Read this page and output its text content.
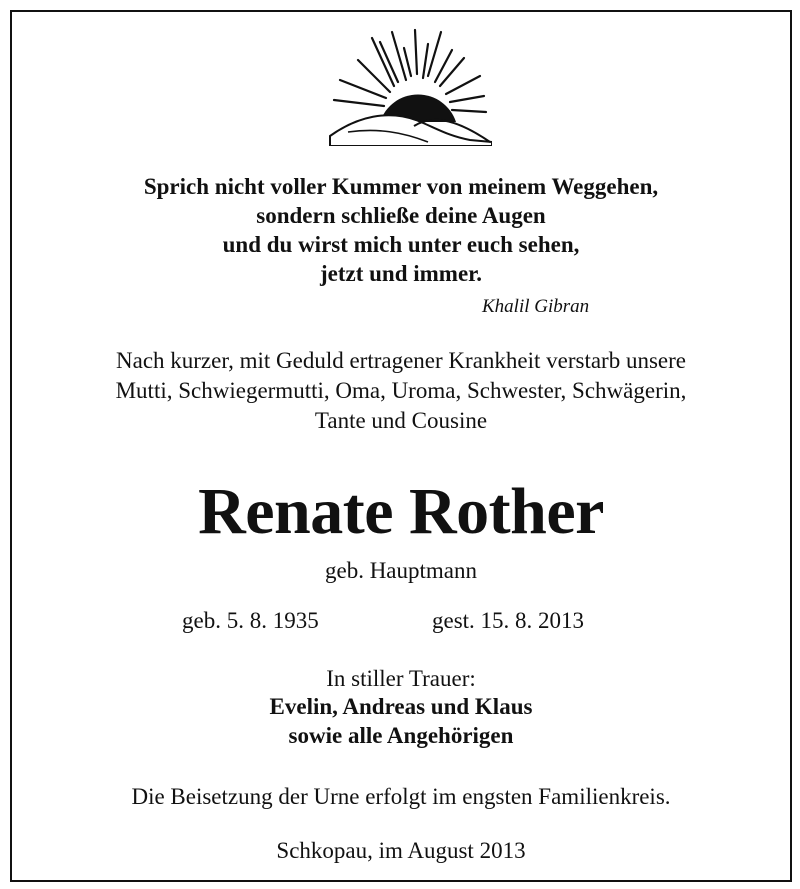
Sprich nicht voller Kummer von meinem Weggehen,
sondern schließe deine Augen
und du wirst mich unter euch sehen,
jetzt und immer.
Khalil Gibran
Nach kurzer, mit Geduld ertragener Krankheit verstarb unsere
Mutti, Schwiegermutti, Oma, Uroma, Schwester, Schwägerin,
Tante und Cousine
Renate Rother
geb. Hauptmann
geb. 5. 8. 1935	gest. 15. 8. 2013
In stiller Trauer:
Evelin, Andreas und Klaus
sowie alle Angehörigen
Die Beisetzung der Urne erfolgt im engsten Familienkreis.
Schkopau, im August 2013
